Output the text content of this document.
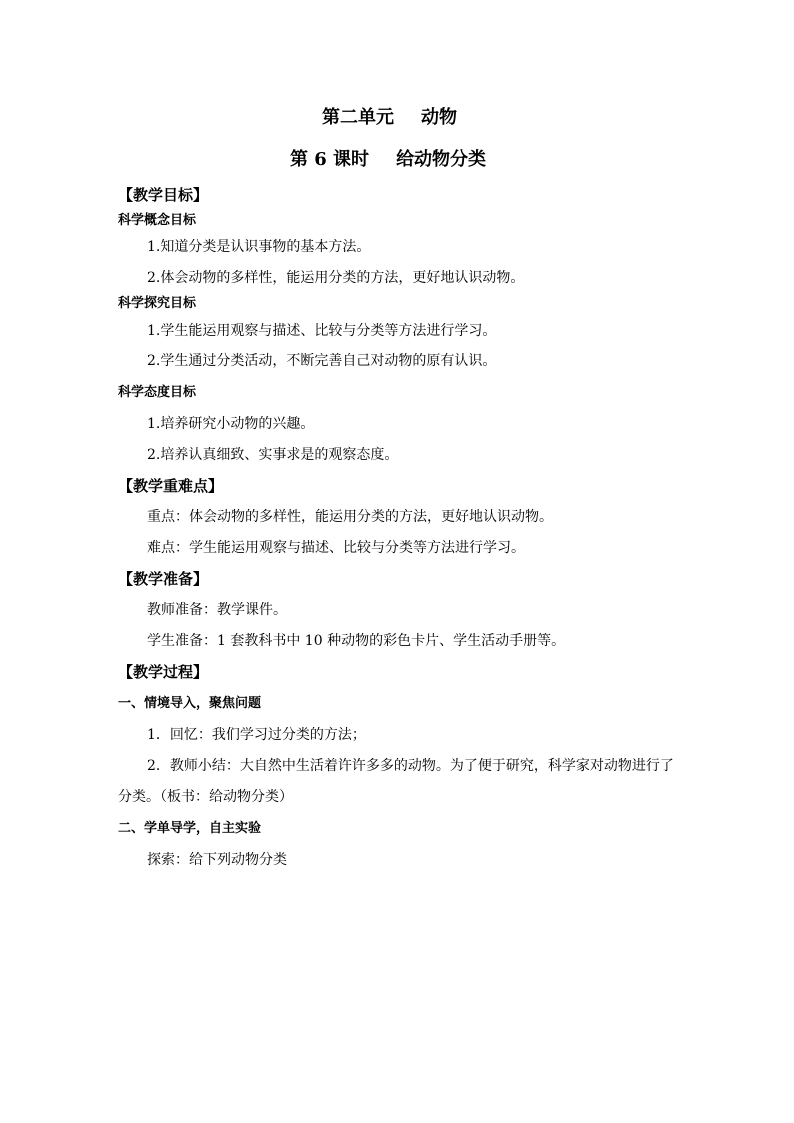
第二单元 动物
第 6 课时 给动物分类
【教学目标】
科学概念目标
1.知道分类是认识事物的基本方法。
2.体会动物的多样性，能运用分类的方法，更好地认识动物。
科学探究目标
1.学生能运用观察与描述、比较与分类等方法进行学习。
2.学生通过分类活动，不断完善自己对动物的原有认识。
科学态度目标
1.培养研究小动物的兴趣。
2.培养认真细致、实事求是的观察态度。
【教学重难点】
重点：体会动物的多样性，能运用分类的方法，更好地认识动物。
难点：学生能运用观察与描述、比较与分类等方法进行学习。
【教学准备】
教师准备：教学课件。
学生准备：1 套教科书中 10 种动物的彩色卡片、学生活动手册等。
【教学过程】
一、情境导入，聚焦问题
1．回忆：我们学习过分类的方法；
2．教师小结：大自然中生活着许许多多的动物。为了便于研究，科学家对动物进行了
分类。（板书：给动物分类）
二、学单导学，自主实验
探索：给下列动物分类
